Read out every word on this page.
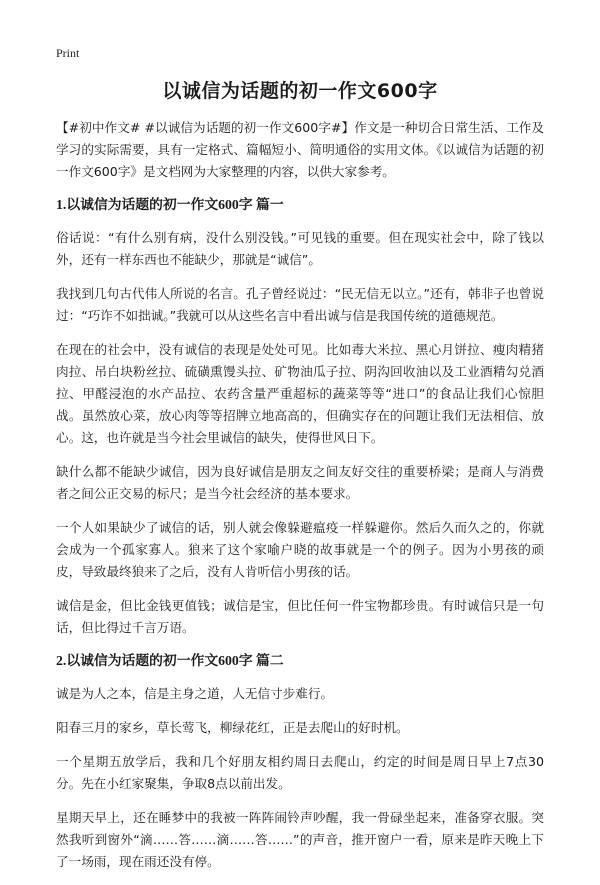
Print
以诚信为话题的初一作文600字

【#初中作文# #以诚信为话题的初一作文600字#】作文是一种切合日常生活、工作及学习的实际需要，具有一定格式、篇幅短小、简明通俗的实用文体。《以诚信为话题的初一作文600字》是文档网为大家整理的内容，以供大家参考。

1.以诚信为话题的初一作文600字 篇一

俗话说：“有什么别有病，没什么别没钱。”可见钱的重要。但在现实社会中，除了钱以外，还有一样东西也不能缺少，那就是“诚信”。

我找到几句古代伟人所说的名言。孔子曾经说过：“民无信无以立。”还有，韩非子也曾说过：“巧诈不如拙诚。”我就可以从这些名言中看出诚与信是我国传统的道德规范。

在现在的社会中，没有诚信的表现是处处可见。比如毒大米拉、黑心月饼拉、瘦肉精猪肉拉、吊白块粉丝拉、硫磺熏馒头拉、矿物油瓜子拉、阴沟回收油以及工业酒精勾兑酒拉、甲醛浸泡的水产品拉、农药含量严重超标的蔬菜等等“进口”的食品让我们心惊胆战。虽然放心菜，放心肉等等招牌立地高高的，但确实存在的问题让我们无法相信、放心。这，也许就是当今社会里诚信的缺失，使得世风日下。

缺什么都不能缺少诚信，因为良好诚信是朋友之间友好交往的重要桥梁；是商人与消费者之间公正交易的标尺；是当今社会经济的基本要求。

一个人如果缺少了诚信的话，别人就会像躲避瘟疫一样躲避你。然后久而久之的，你就会成为一个孤家寡人。狼来了这个家喻户晓的故事就是一个的例子。因为小男孩的顽皮，导致最终狼来了之后，没有人肯听信小男孩的话。

诚信是金，但比金钱更值钱；诚信是宝，但比任何一件宝物都珍贵。有时诚信只是一句话，但比得过千言万语。

2.以诚信为话题的初一作文600字 篇二

诚是为人之本，信是主身之道，人无信寸步难行。

阳春三月的家乡，草长莺飞，柳绿花红，正是去爬山的好时机。

一个星期五放学后，我和几个好朋友相约周日去爬山，约定的时间是周日早上7点30分。先在小红家聚集，争取8点以前出发。

星期天早上，还在睡梦中的我被一阵阵闹铃声吵醒，我一骨碌坐起来，准备穿衣服。突然我听到窗外“滴……答……滴……答……”的声音，推开窗户一看，原来是昨天晚上下了一场雨，现在雨还没有停。
